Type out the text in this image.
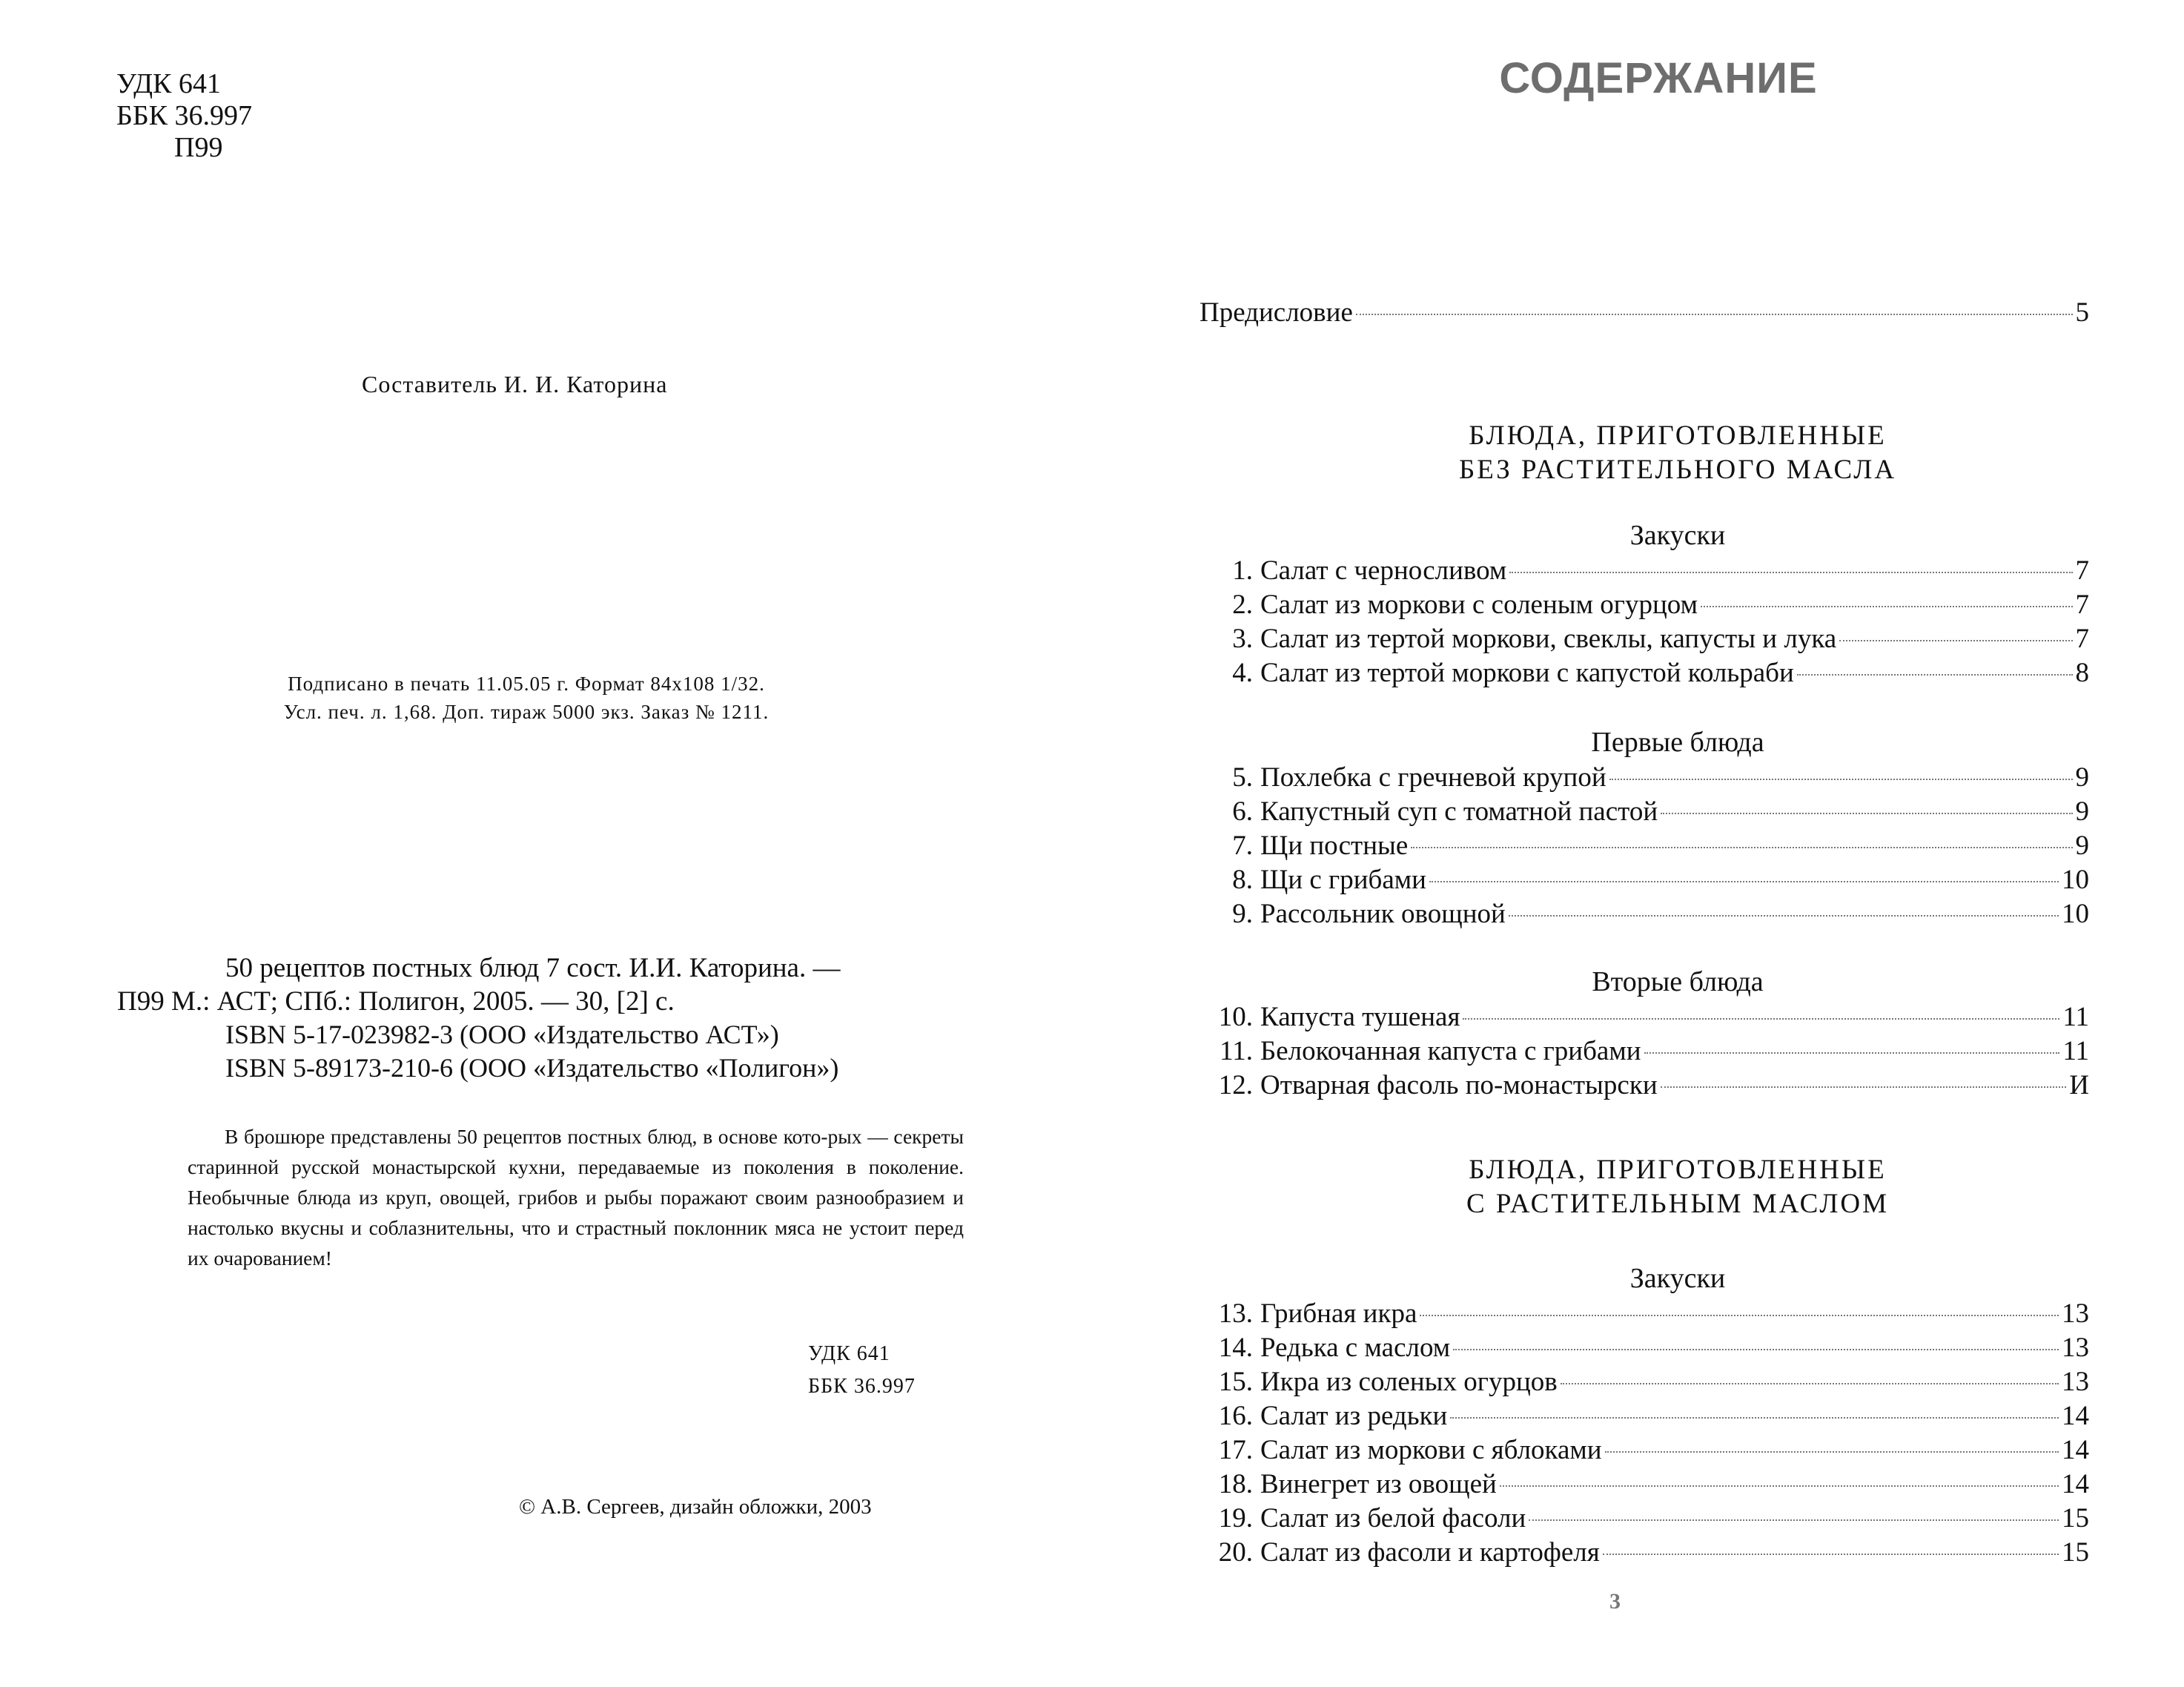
УДК 641
ББК 36.997
П99
Составитель И. И. Каторина
Подписано в печать 11.05.05 г. Формат 84x108 1/32.
Усл. печ. л. 1,68. Доп. тираж 5000 экз. Заказ № 1211.
50 рецептов постных блюд 7 сост. И.И. Каторина. —
П99 М.: АСТ; СПб.: Полигон, 2005. — 30, [2] с.
ISBN 5-17-023982-3 (ООО «Издательство АСТ»)
ISBN 5-89173-210-6 (ООО «Издательство «Полигон»)

В брошюре представлены 50 рецептов постных блюд, в основе кото-рых — секреты старинной русской монастырской кухни, передаваемые из поколения в поколение. Необычные блюда из круп, овощей, грибов и рыбы поражают своим разнообразием и настолько вкусны и соблазнительны, что и страстный поклонник мяса не устоит перед их очарованием!

УДК 641
ББК 36.997
© А.В. Сергеев, дизайн обложки, 2003
СОДЕРЖАНИЕ
Предисловие	5
БЛЮДА, ПРИГОТОВЛЕННЫЕ
БЕЗ РАСТИТЕЛЬНОГО МАСЛА
Закуски
Первые блюда
Вторые блюда
БЛЮДА, ПРИГОТОВЛЕННЫЕ
С РАСТИТЕЛЬНЫМ МАСЛОМ
Закуски
3
1. Салат с черносливом	7
2. Салат из моркови с соленым огурцом	7
3. Салат из тертой моркови, свеклы, капусты и лука	7
4. Салат из тертой моркови с капустой кольраби	8
5. Похлебка с гречневой крупой	9
6. Капустный суп с томатной пастой	9
7. Щи постные	9
8. Щи с грибами	10
9. Рассольник овощной	10
10. Капуста тушеная	11
11. Белокочанная капуста с грибами	11
12. Отварная фасоль по-монастырски	И
13. Грибная икра	13
14. Редька с маслом	13
15. Икра из соленых огурцов	13
16. Салат из редьки	14
17. Салат из моркови с яблоками	14
18. Винегрет из овощей	14
19. Салат из белой фасоли	15
20. Салат из фасоли и картофеля	15
